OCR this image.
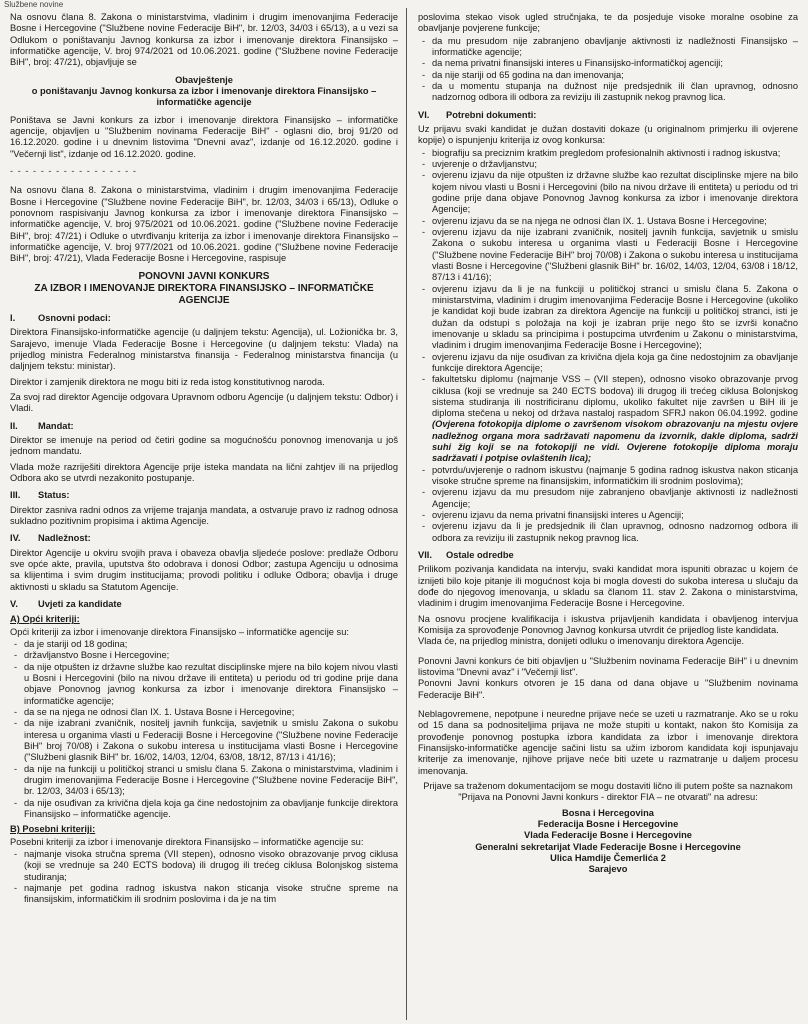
Službene novine

Na osnovu člana 8. Zakona o ministarstvima, vladinim i drugim imenovanjima Federacije Bosne i Hercegovine ("Službene novine Federacije BiH", br. 12/03, 34/03 i 65/13), a u vezi sa Odlukom o poništavanju Javnog konkursa za izbor i imenovanje direktora Finansijsko – informatičke agencije, V. broj 974/2021 od 10.06.2021. godine ("Službene novine Federacije BiH", broj: 47/21), objavljuje se

Obavještenje
o poništavanju Javnog konkursa za izbor i imenovanje direktora Finansijsko – informatičke agencije

Poništava se Javni konkurs za izbor i imenovanje direktora Finansijsko – informatičke agencije, objavljen u "Službenim novinama Federacije BiH" - oglasni dio, broj 91/20 od 16.12.2020. godine i u dnevnim listovima "Dnevni avaz", izdanje od 16.12.2020. godine i "Večernji list", izdanje od 16.12.2020. godine.

- - - - - - - - - - - - - - - - -

Na osnovu člana 8. Zakona o ministarstvima, vladinim i drugim imenovanjima Federacije Bosne i Hercegovine ("Službene novine Federacije BiH", br. 12/03, 34/03 i 65/13), Odluke o ponovnom raspisivanju Javnog konkursa za izbor i imenovanje direktora Finansijsko – informatičke agencije, V. broj 975/2021 od 10.06.2021. godine ("Službene novine Federacije BiH", broj: 47/21) i Odluke o utvrđivanju kriterija za izbor i imenovanje direktora Finansijsko – informatičke agencije, V. broj 977/2021 od 10.06.2021. godine ("Službene novine Federacije BiH", broj: 47/21), Vlada Federacije Bosne i Hercegovine, raspisuje

PONOVNI JAVNI KONKURS
ZA IZBOR I IMENOVANJE DIREKTORA FINANSIJSKO – INFORMATIČKE AGENCIJE
I.	Osnovni podaci:

Direktora Finansijsko-informatičke agencije (u daljnjem tekstu: Agencija), ul. Ložionička br. 3, Sarajevo, imenuje Vlada Federacije Bosne i Hercegovine (u daljnjem tekstu: Vlada) na prijedlog ministra Federalnog ministarstva finansija - Federalnog ministarstva financija (u daljnjem tekstu: ministar).

Direktor i zamjenik direktora ne mogu biti iz reda istog konstitutivnog naroda.

Za svoj rad direktor Agencije odgovara Upravnom odboru Agencije (u daljnjem tekstu: Odbor) i Vladi.

II.	Mandat:

Direktor se imenuje na period od četiri godine sa mogućnošću ponovnog imenovanja u još jednom mandatu.

Vlada može razriješiti direktora Agencije prije isteka mandata na lični zahtjev ili na prijedlog Odbora ako se utvrdi nezakonito postupanje.

III.	Status:

Direktor zasniva radni odnos za vrijeme trajanja mandata, a ostvaruje pravo iz radnog odnosa sukladno pozitivnim propisima i aktima Agencije.

IV.	Nadležnost:

Direktor Agencije u okviru svojih prava i obaveza obavlja sljedeće poslove: predlaže Odboru sve opće akte, pravila, uputstva što odobrava i donosi Odbor; zastupa Agenciju u odnosima sa klijentima i svim drugim institucijama; provodi politiku i odluke Odbora; obavlja i druge aktivnosti u skladu sa Statutom Agencije.

V.	Uvjeti za kandidate
A) Opći kriteriji:

Opći kriteriji za izbor i imenovanje direktora Finansijsko – informatičke agencije su:

- da je stariji od 18 godina;
- državljanstvo Bosne i Hercegovine;
- da nije otpušten iz državne službe kao rezultat disciplinske mjere na bilo kojem nivou vlasti u Bosni i Hercegovini (bilo na nivou države ili entiteta) u periodu od tri godine prije dana objave Ponovnog javnog konkursa za izbor i imenovanje direktora Finansijsko – informatičke agencije;
- da se na njega ne odnosi član IX. 1. Ustava Bosne i Hercegovine;
- da nije izabrani zvaničnik, nositelj javnih funkcija, savjetnik u smislu Zakona o sukobu interesa u organima vlasti u Federaciji Bosne i Hercegovine ("Službene novine Federacije BiH" broj 70/08) i Zakona o sukobu interesa u institucijama vlasti Bosne i Hercegovine ("Službeni glasnik BiH" br. 16/02, 14/03, 12/04, 63/08, 18/12, 87/13 i 41/16);
- da nije na funkciji u političkoj stranci u smislu člana 5. Zakona o ministarstvima, vladinim i drugim imenovanjima Federacije Bosne i Hercegovine ("Službene novine Federacije BiH", br. 12/03, 34/03 i 65/13);
- da nije osuđivan za krivična djela koja ga čine nedostojnim za obavljanje funkcije direktora Finansijsko – informatičke agencije.
B) Posebni kriteriji:

Posebni kriteriji za izbor i imenovanje direktora Finansijsko – informatičke agencije su:

- najmanje visoka stručna sprema (VII stepen), odnosno visoko obrazovanje prvog ciklusa (koji se vrednuje sa 240 ECTS bodova) ili drugog ili trećeg ciklusa Bolonjskog sistema studiranja;
- najmanje pet godina radnog iskustva nakon sticanja visoke stručne spreme na finansijskim, informatičkim ili srodnim poslovima i da je na tim

poslovima stekao visok ugled stručnjaka, te da posjeduje visoke moralne osobine za obavljanje povjerene funkcije;

- da mu presudom nije zabranjeno obavljanje aktivnosti iz nadležnosti Finansijsko – informatičke agencije;
- da nema privatni finansijski interes u Finansijsko-informatičkoj agenciji;
- da nije stariji od 65 godina na dan imenovanja;
- da u momentu stupanja na dužnost nije predsjednik ili član upravnog, odnosno nadzornog odbora ili odbora za reviziju ili zastupnik nekog pravnog lica.
VI.	Potrebni dokumenti:

Uz prijavu svaki kandidat je dužan dostaviti dokaze (u originalnom primjerku ili ovjerene kopije) o ispunjenju kriterija iz ovog konkursa:

- biografiju sa preciznim kratkim pregledom profesionalnih aktivnosti i radnog iskustva;
- uvjerenje o državljanstvu;
- ovjerenu izjavu da nije otpušten iz državne službe kao rezultat disciplinske mjere na bilo kojem nivou vlasti u Bosni i Hercegovini (bilo na nivou države ili entiteta) u periodu od tri godine prije dana objave Ponovnog Javnog konkursa za izbor i imenovanje direktora Agencije;
- ovjerenu izjavu da se na njega ne odnosi član IX. 1. Ustava Bosne i Hercegovine;
- ovjerenu izjavu da nije izabrani zvaničnik, nositelj javnih funkcija, savjetnik u smislu Zakona o sukobu interesa u organima vlasti u Federaciji Bosne i Hercegovine ("Službene novine Federacije BiH" broj 70/08) i Zakona o sukobu interesa u institucijama vlasti Bosne i Hercegovine ("Službeni glasnik BiH" br. 16/02, 14/03, 12/04, 63/08 i 18/12, 87/13 i 41/16);
- ovjerenu izjavu da li je na funkciji u političkoj stranci u smislu člana 5. Zakona o ministarstvima, vladinim i drugim imenovanjima Federacije Bosne i Hercegovine (ukoliko je kandidat koji bude izabran za direktora Agencije na funkciji u političkoj stranci, isti je dužan da odstupi s položaja na koji je izabran prije nego što se izvrši konačno imenovanje u skladu sa principima i postupcima utvrđenim u Zakonu o ministarstvima, vladinim i drugim imenovanjima Federacije Bosne i Hercegovine);
- ovjerenu izjavu da nije osuđivan za krivična djela koja ga čine nedostojnim za obavljanje funkcije direktora Agencije;
- fakultetsku diplomu (najmanje VSS – (VII stepen), odnosno visoko obrazovanje prvog ciklusa (koji se vrednuje sa 240 ECTS bodova) ili drugog ili trećeg ciklusa Bolonjskog sistema studiranja ili nostrificiranu diplomu, ukoliko fakultet nije završen u BiH ili je diploma stečena u nekoj od država nastaloj raspadom SFRJ nakon 06.04.1992. godine (Ovjerena fotokopija diplome o završenom visokom obrazovanju na mjestu ovjere nadležnog organa mora sadržavati napomenu da izvornik, dakle diploma, sadrži suhi žig koji se na fotokopiji ne vidi. Ovjerene fotokopije diploma moraju sadržavati i potpise ovlaštenih lica);
- potvrdu/uvjerenje o radnom iskustvu (najmanje 5 godina radnog iskustva nakon sticanja visoke stručne spreme na finansijskim, informatičkim ili srodnim poslovima);
- ovjerenu izjavu da mu presudom nije zabranjeno obavljanje aktivnosti iz nadležnosti Agencije;
- ovjerenu izjavu da nema privatni finansijski interes u Agenciji;
- ovjerenu izjavu da li je predsjednik ili član upravnog, odnosno nadzornog odbora ili odbora za reviziju ili zastupnik nekog pravnog lica.
VII.	Ostale odredbe

Prilikom pozivanja kandidata na intervju, svaki kandidat mora ispuniti obrazac u kojem će izniјeti bilo koje pitanje ili mogućnost koja bi mogla dovesti do sukoba interesa u slučaju da dođe do njegovog imenovanja, u skladu sa članom 11. stav 2. Zakona o ministarstvima, vladinim i drugim imenovanjima Federacije Bosne i Hercegovine.

Na osnovu procjene kvalifikacija i iskustva prijavljenih kandidata i obavljenog intervjua Komisija za sprovođenje Ponovnog Javnog konkursa utvrdit će prijedlog liste kandidata.

Vlada će, na prijedlog ministra, donijeti odluku o imenovanju direktora Agencije.

Ponovni Javni konkurs će biti objavljen u "Službenim novinama Federacije BiH" i u dnevnim listovima "Dnevni avaz" i "Večernji list".

Ponovni Javni konkurs otvoren je 15 dana od dana objave u "Službenim novinama Federacije BiH".

Neblagovremene, nepotpune i neuredne prijave neće se uzeti u razmatranje. Ako se u roku od 15 dana sa podnositeljima prijava ne može stupiti u kontakt, nakon što Komisija za provođenje ponovnog postupka izbora kandidata za izbor i imenovanje direktora Finansijsko-informatičke agencije sačini listu sa užim izborom kandidata koji ispunjavaju kriterije za imenovanje, njihove prijave neće biti uzete u razmatranje u daljem procesu imenovanja.

Prijave sa traženom dokumentacijom se mogu dostaviti lično ili putem pošte sa naznakom "Prijava na Ponovni Javni konkurs - direktor FIA – ne otvarati" na adresu:

Bosna i Hercegovina
Federacija Bosne i Hercegovine
Vlada Federacije Bosne i Hercegovine
Generalni sekretarijat Vlade Federacije Bosne i Hercegovine
Ulica Hamdije Čemerlića 2
Sarajevo
